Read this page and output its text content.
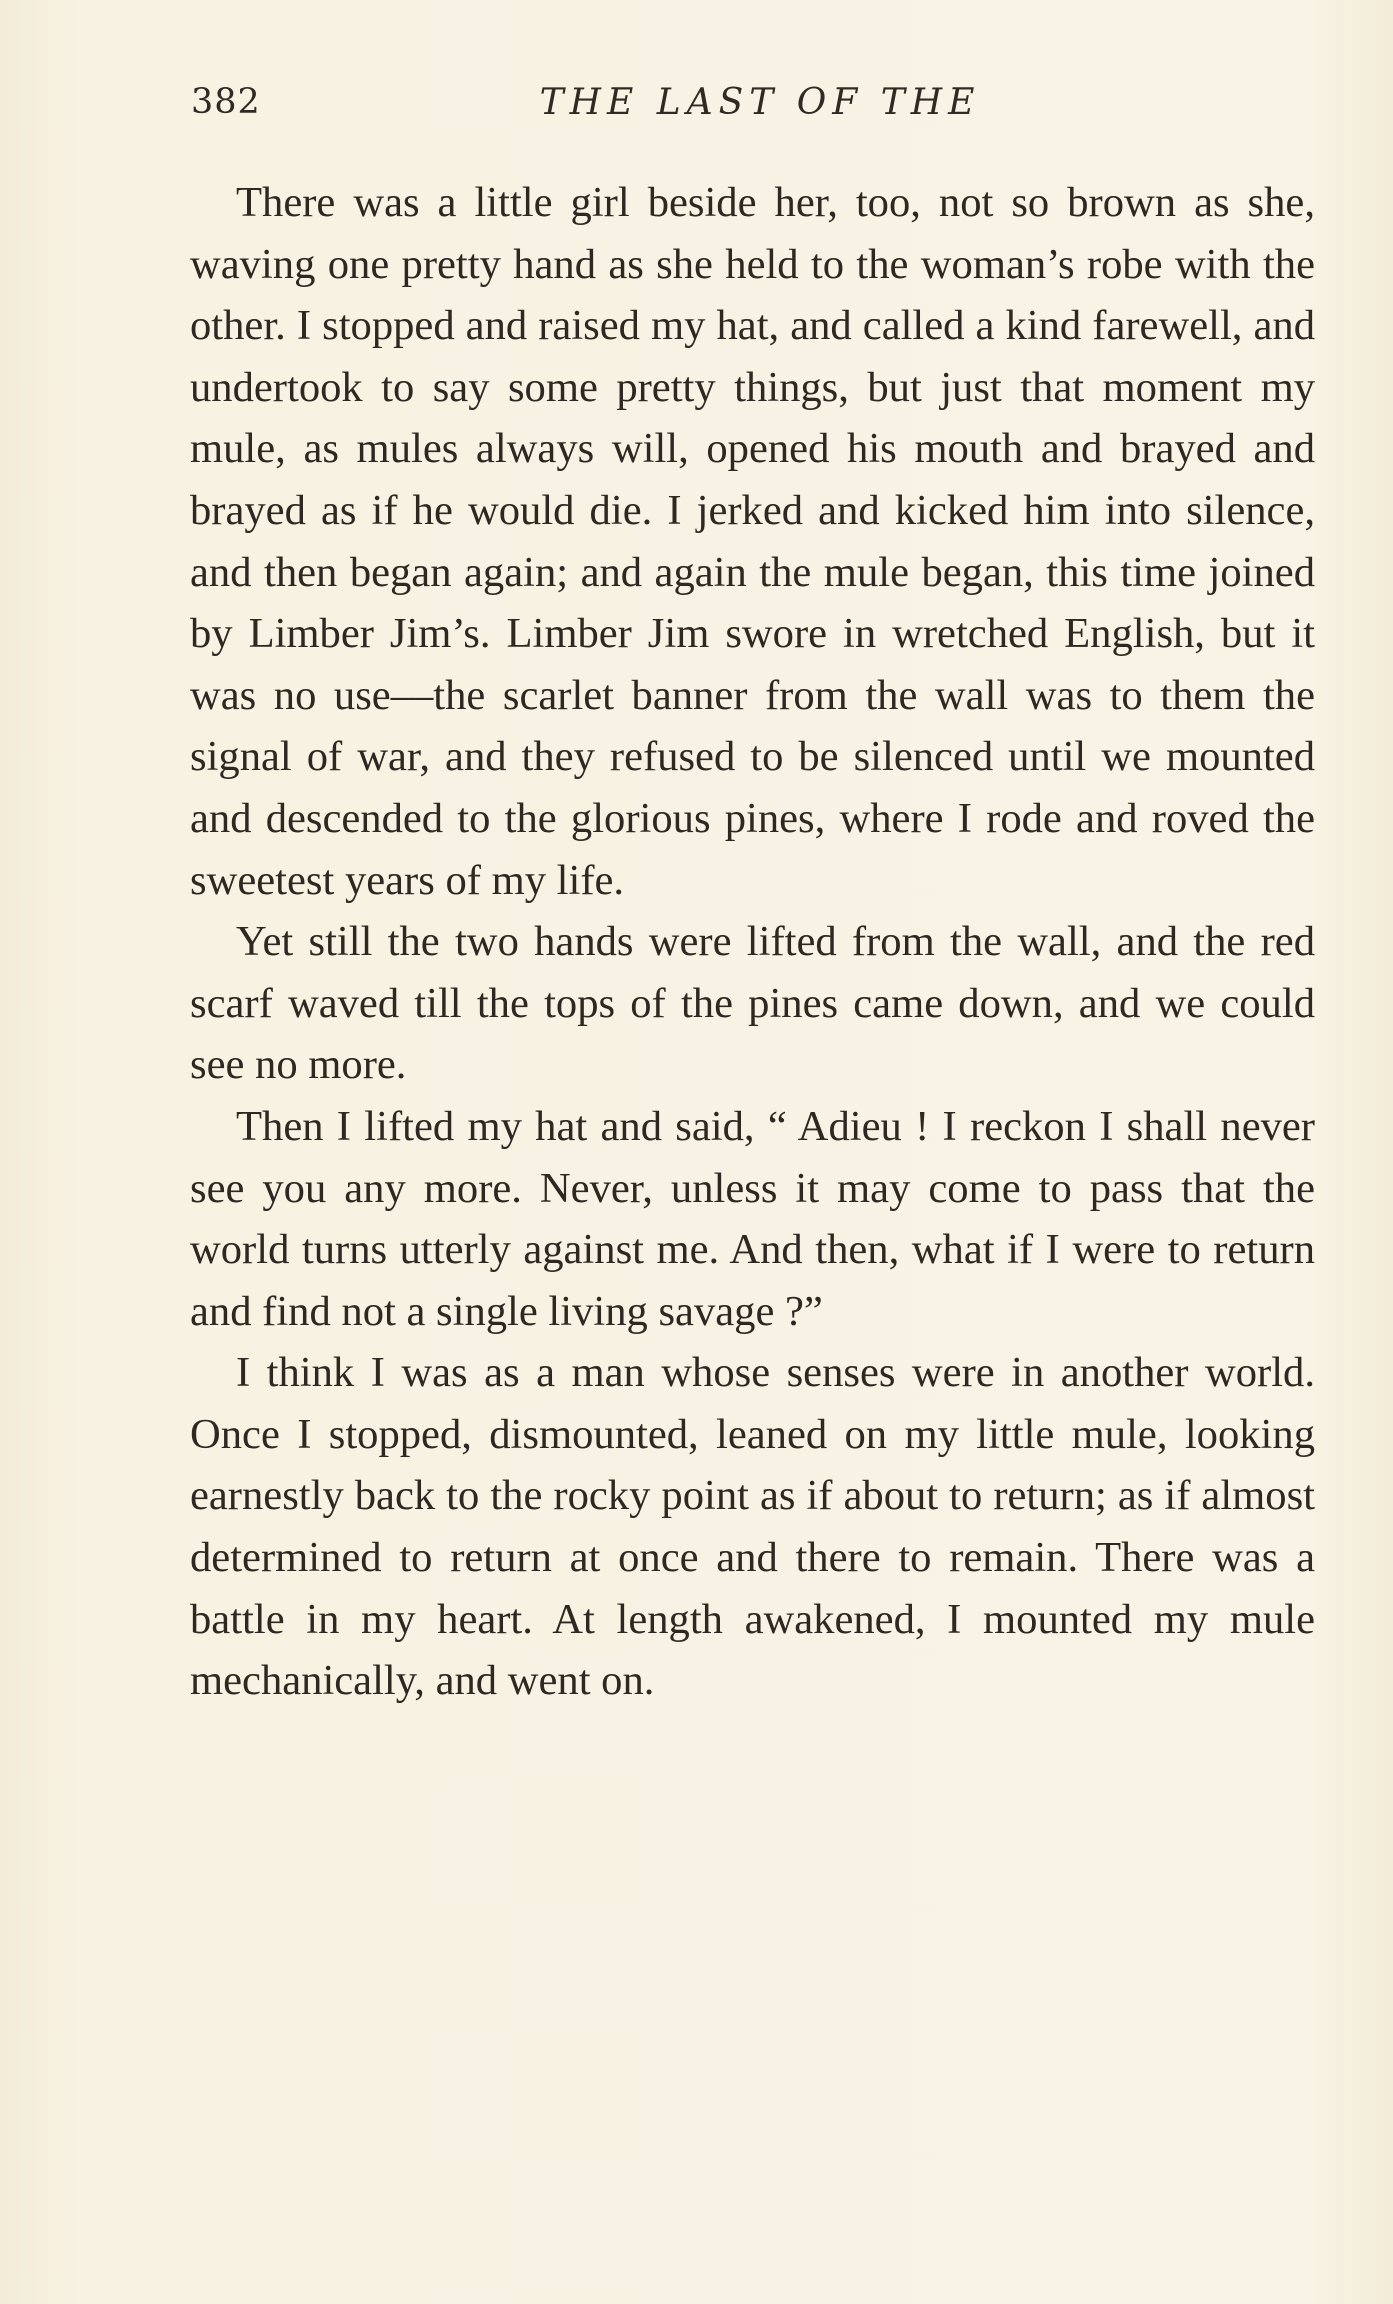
382	THE LAST OF THE

There was a little girl beside her, too, not so brown as she, waving one pretty hand as she held to the woman’s robe with the other. I stopped and raised my hat, and called a kind farewell, and undertook to say some pretty things, but just that moment my mule, as mules always will, opened his mouth and brayed and brayed as if he would die. I jerked and kicked him into silence, and then began again; and again the mule began, this time joined by Limber Jim’s. Limber Jim swore in wretched English, but it was no use––the scarlet banner from the wall was to them the signal of war, and they refused to be silenced until we mounted and descended to the glorious pines, where I rode and roved the sweetest years of my life.

Yet still the two hands were lifted from the wall, and the red scarf waved till the tops of the pines came down, and we could see no more.

Then I lifted my hat and said, “ Adieu ! I reckon I shall never see you any more. Never, unless it may come to pass that the world turns utterly against me. And then, what if I were to return and find not a single living savage ?”

I think I was as a man whose senses were in another world. Once I stopped, dismounted, leaned on my little mule, looking earnestly back to the rocky point as if about to return; as if almost determined to return at once and there to remain. There was a battle in my heart. At length awakened, I mounted my mule mechanically, and went on.
